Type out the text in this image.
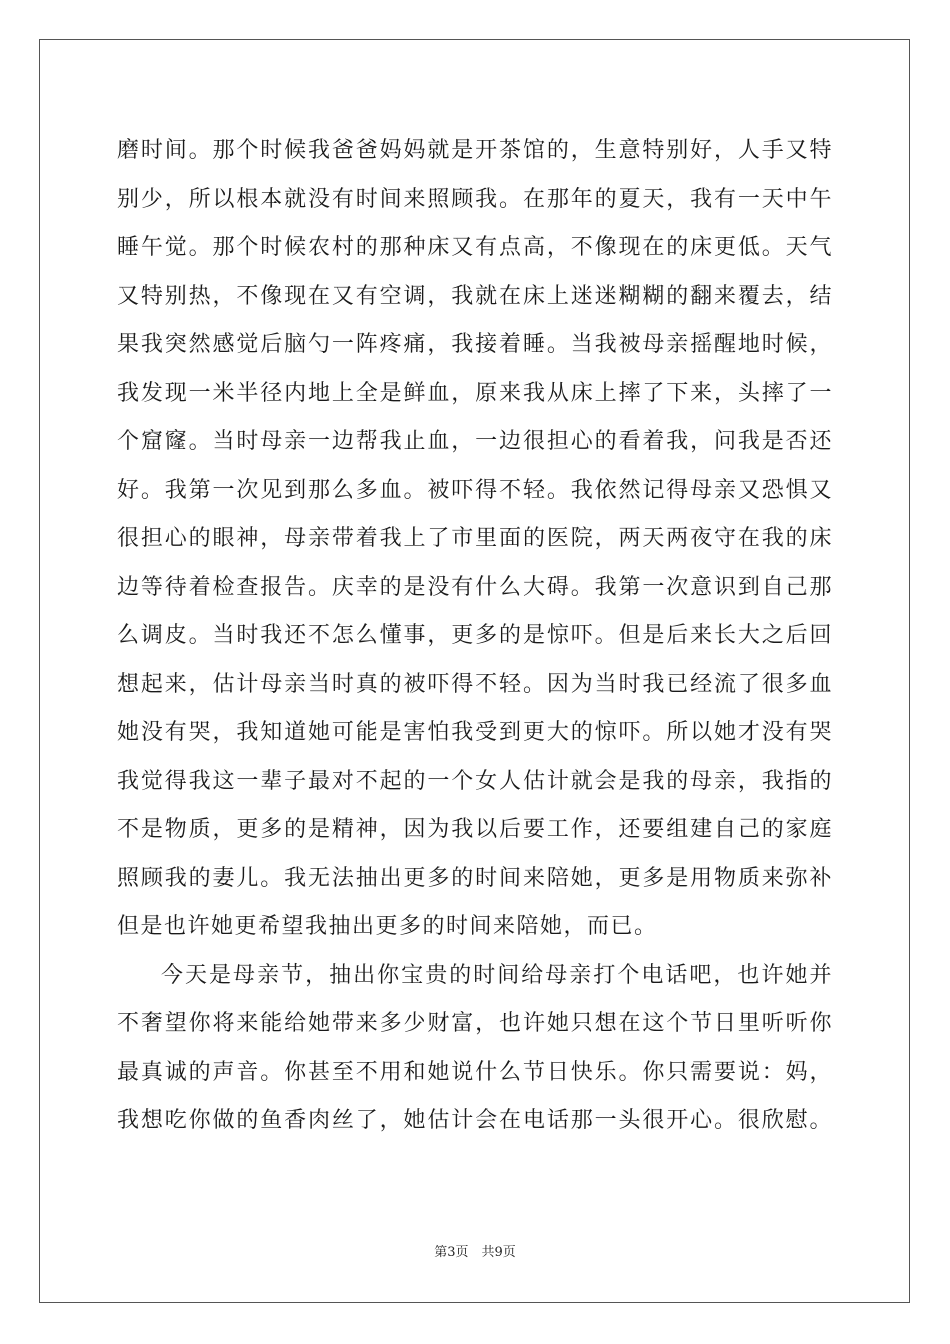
磨时间。那个时候我爸爸妈妈就是开茶馆的，生意特别好，人手又特
别少，所以根本就没有时间来照顾我。在那年的夏天，我有一天中午
睡午觉。那个时候农村的那种床又有点高，不像现在的床更低。天气
又特别热，不像现在又有空调，我就在床上迷迷糊糊的翻来覆去，结
果我突然感觉后脑勺一阵疼痛，我接着睡。当我被母亲摇醒地时候，
我发现一米半径内地上全是鲜血，原来我从床上摔了下来，头摔了一
个窟窿。当时母亲一边帮我止血，一边很担心的看着我，问我是否还
好。我第一次见到那么多血。被吓得不轻。我依然记得母亲又恐惧又
很担心的眼神，母亲带着我上了市里面的医院，两天两夜守在我的床
边等待着检查报告。庆幸的是没有什么大碍。我第一次意识到自己那
么调皮。当时我还不怎么懂事，更多的是惊吓。但是后来长大之后回
想起来，估计母亲当时真的被吓得不轻。因为当时我已经流了很多血
她没有哭，我知道她可能是害怕我受到更大的惊吓。所以她才没有哭
我觉得我这一辈子最对不起的一个女人估计就会是我的母亲，我指的
不是物质，更多的是精神，因为我以后要工作，还要组建自己的家庭
照顾我的妻儿。我无法抽出更多的时间来陪她，更多是用物质来弥补
但是也许她更希望我抽出更多的时间来陪她，而已。
今天是母亲节，抽出你宝贵的时间给母亲打个电话吧，也许她并
不奢望你将来能给她带来多少财富，也许她只想在这个节日里听听你
最真诚的声音。你甚至不用和她说什么节日快乐。你只需要说：妈，
我想吃你做的鱼香肉丝了，她估计会在电话那一头很开心。很欣慰。
第3页　共9页
